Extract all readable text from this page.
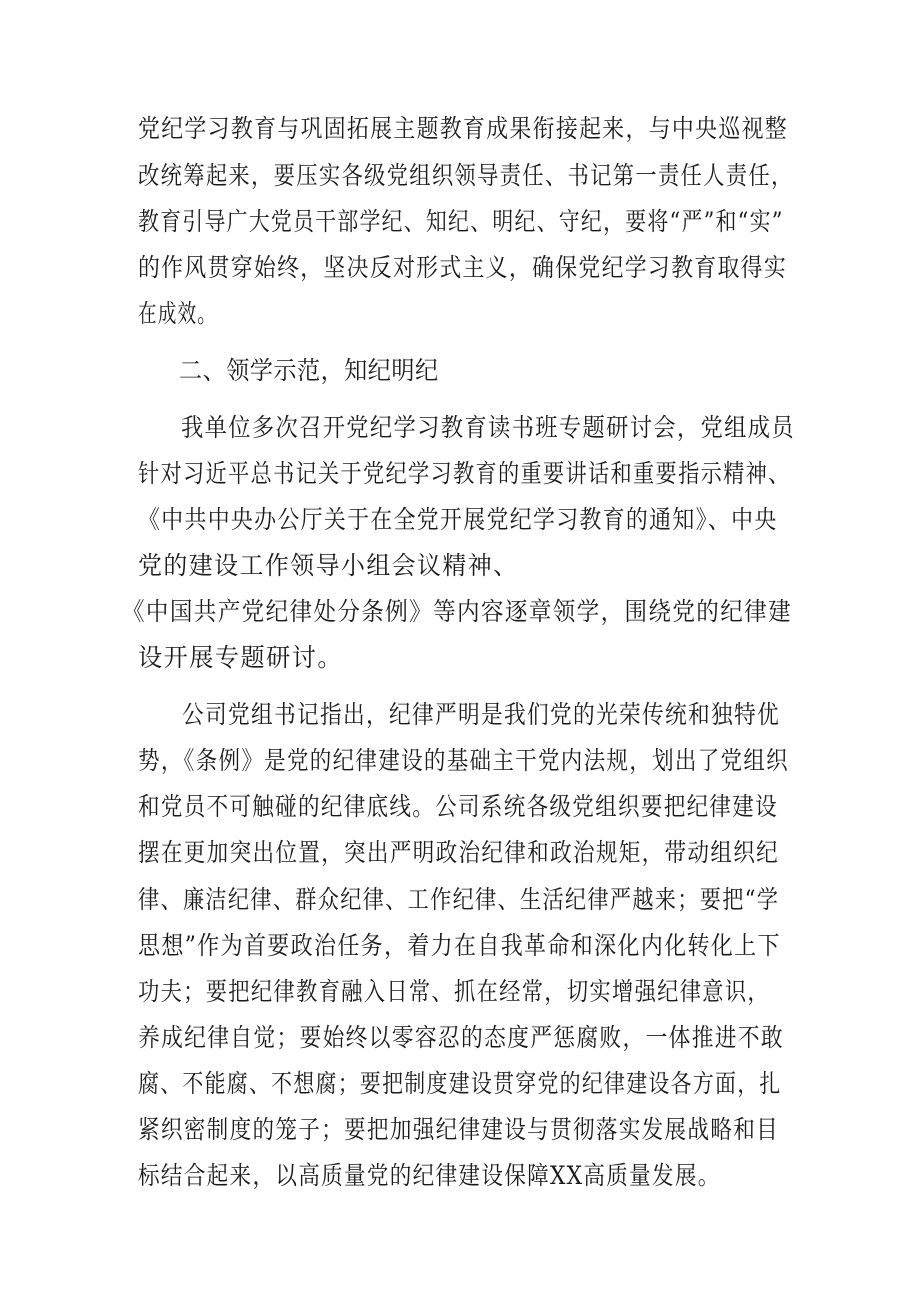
党纪学习教育与巩固拓展主题教育成果衔接起来，与中央巡视整
改统筹起来，要压实各级党组织领导责任、书记第一责任人责任，
教育引导广大党员干部学纪、知纪、明纪、守纪，要将“严”和“实”
的作风贯穿始终，坚决反对形式主义，确保党纪学习教育取得实
在成效。
二、领学示范，知纪明纪
我单位多次召开党纪学习教育读书班专题研讨会，党组成员
针对习近平总书记关于党纪学习教育的重要讲话和重要指示精神、
《中共中央办公厅关于在全党开展党纪学习教育的通知》、中央
党的建设工作领导小组会议精神、
《中国共产党纪律处分条例》等内容逐章领学，围绕党的纪律建
设开展专题研讨。
公司党组书记指出，纪律严明是我们党的光荣传统和独特优
势，《条例》是党的纪律建设的基础主干党内法规，划出了党组织
和党员不可触碰的纪律底线。公司系统各级党组织要把纪律建设
摆在更加突出位置，突出严明政治纪律和政治规矩，带动组织纪
律、廉洁纪律、群众纪律、工作纪律、生活纪律严越来；要把“学
思想”作为首要政治任务，着力在自我革命和深化内化转化上下
功夫；要把纪律教育融入日常、抓在经常，切实增强纪律意识，
养成纪律自觉；要始终以零容忍的态度严惩腐败，一体推进不敢
腐、不能腐、不想腐；要把制度建设贯穿党的纪律建设各方面，扎
紧织密制度的笼子；要把加强纪律建设与贯彻落实发展战略和目
标结合起来，以高质量党的纪律建设保障XX高质量发展。
